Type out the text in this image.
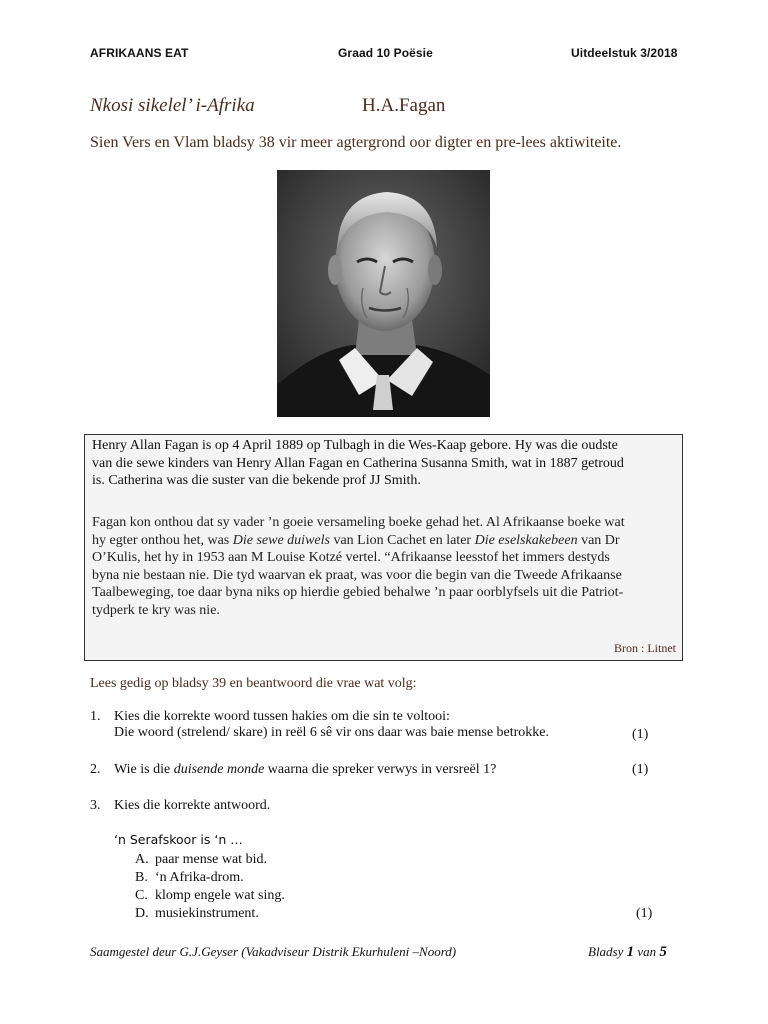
AFRIKAANS EAT	Graad 10 Poësie	Uitdeelstuk 3/2018
Nkosi sikelel’ i-Afrika	H.A.Fagan
Sien Vers en Vlam bladsy 38 vir meer agtergrond oor digter en pre-lees aktiwiteite.

Henry Allan Fagan is op 4 April 1889 op Tulbagh in die Wes-Kaap gebore. Hy was die oudste
van die sewe kinders van Henry Allan Fagan en Catherina Susanna Smith, wat in 1887 getroud
is. Catherina was die suster van die bekende prof JJ Smith.

Fagan kon onthou dat sy vader ’n goeie versameling boeke gehad het. Al Afrikaanse boeke wat
hy egter onthou het, was Die sewe duiwels van Lion Cachet en later Die eselskakebeen van Dr
O’Kulis, het hy in 1953 aan M Louise Kotzé vertel. “Afrikaanse leesstof het immers destyds
byna nie bestaan nie. Die tyd waarvan ek praat, was voor die begin van die Tweede Afrikaanse
Taalbeweging, toe daar byna niks op hierdie gebied behalwe ’n paar oorblyfsels uit die Patriot-
tydperk te kry was nie.

Bron : Litnet
Lees gedig op bladsy 39 en beantwoord die vrae wat volg:
1. Kies die korrekte woord tussen hakies om die sin te voltooi:
Die woord (strelend/ skare) in reël 6 sê vir ons daar was baie mense betrokke.	(1)
2. Wie is die duisende monde waarna die spreker verwys in versreël 1?	(1)
3. Kies die korrekte antwoord.
‘n Serafskoor is ‘n …
A. paar mense wat bid.
B. ‘n Afrika-drom.
C. klomp engele wat sing.
D. musiekinstrument.	(1)
Saamgestel deur G.J.Geyser (Vakadviseur Distrik Ekurhuleni –Noord)	Bladsy 1 van 5
